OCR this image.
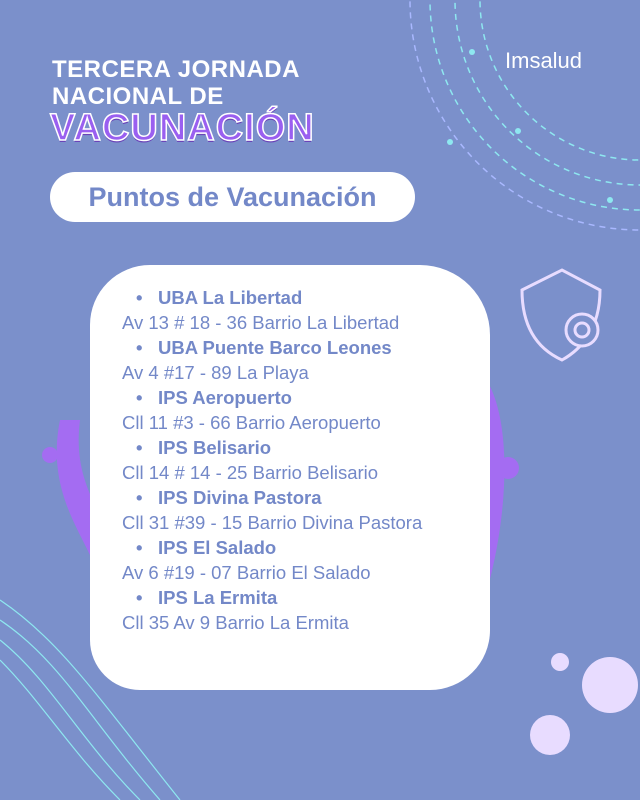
TERCERA JORNADA
NACIONAL DE
VACUNACIÓN
Imsalud
Puntos de Vacunación
• UBA La Libertad
Av 13 # 18 - 36 Barrio La Libertad
• UBA Puente Barco Leones
Av 4 #17 - 89 La Playa
• IPS Aeropuerto
Cll 11 #3 - 66 Barrio Aeropuerto
• IPS Belisario
Cll 14 # 14 - 25 Barrio Belisario
• IPS Divina Pastora
Cll 31 #39 - 15 Barrio Divina Pastora
• IPS El Salado
Av 6 #19 - 07 Barrio El Salado
• IPS La Ermita
Cll 35 Av 9 Barrio La Ermita
